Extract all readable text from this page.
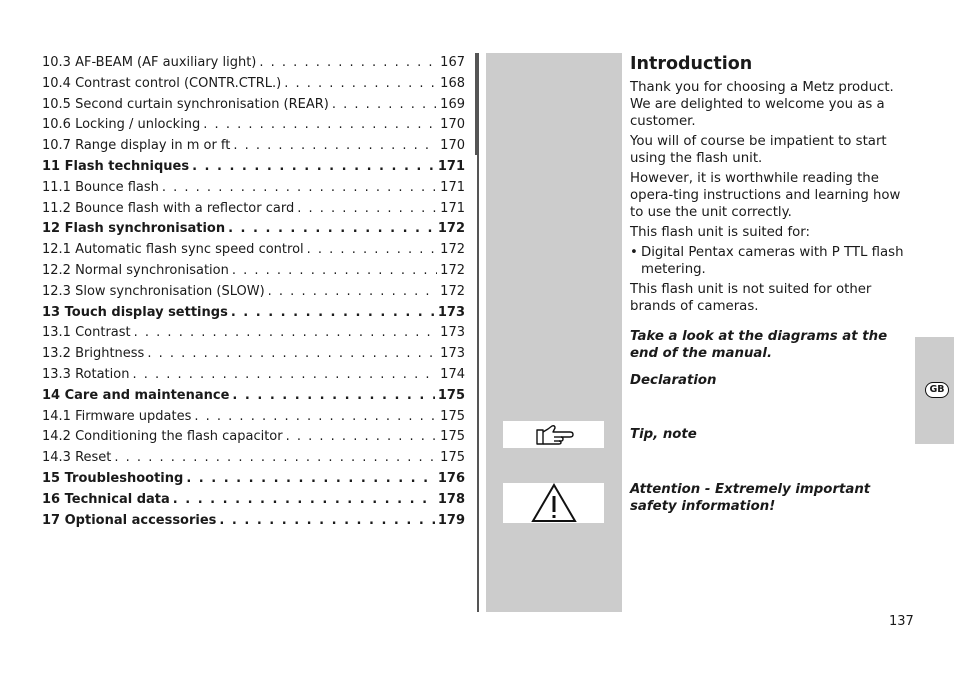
10.3 AF-BEAM (AF auxiliary light) . . .	167
10.4 Contrast control (CONTR.CTRL.) . . .	168
10.5 Second curtain synchronisation (REAR) . . .	169
10.6 Locking / unlocking . . .	170
10.7 Range display in m or ft . . .	170
11 Flash techniques . . .	171
11.1 Bounce flash . . .	171
11.2 Bounce flash with a reflector card . . .	171
12 Flash synchronisation . . .	172
12.1 Automatic flash sync speed control . . .	172
12.2 Normal synchronisation . . .	172
12.3 Slow synchronisation (SLOW) . . .	172
13 Touch display settings . . .	173
13.1 Contrast . . .	173
13.2 Brightness . . .	173
13.3 Rotation . . .	174
14 Care and maintenance . . .	175
14.1 Firmware updates . . .	175
14.2 Conditioning the flash capacitor . . .	175
14.3 Reset . . .	175
15 Troubleshooting . . .	176
16 Technical data . . .	178
17 Optional accessories . . .	179
Introduction

Thank you for choosing a Metz product. We are delighted to welcome you as a customer.

You will of course be impatient to start using the flash unit.

However, it is worthwhile reading the opera-ting instructions and learning how to use the unit correctly.

This flash unit is suited for:

• Digital Pentax cameras with P TTL flash metering.

This flash unit is not suited for other brands of cameras.

Take a look at the diagrams at the end of the manual.
Declaration
Tip, note
Attention - Extremely important safety information!
GB
137
